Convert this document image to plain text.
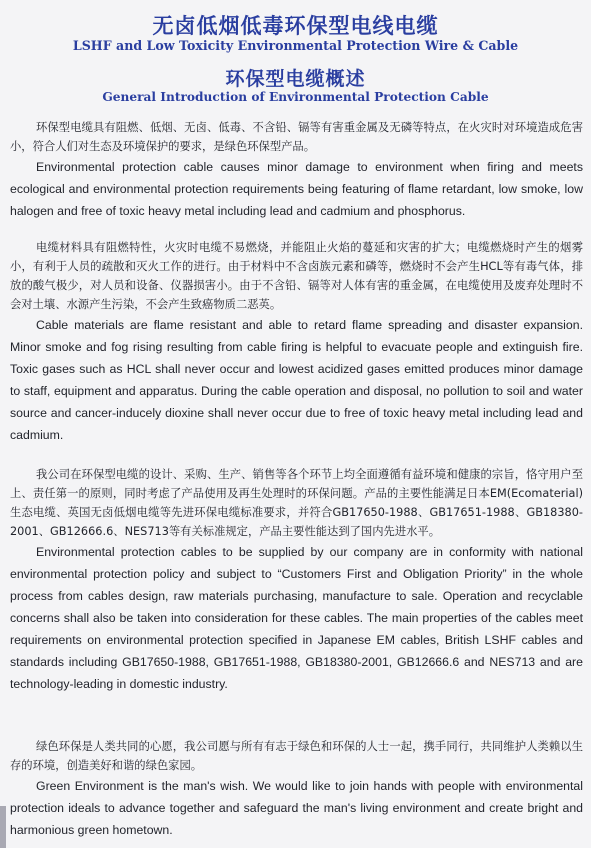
无卤低烟低毒环保型电线电缆
LSHF and Low Toxicity Environmental Protection Wire & Cable
环保型电缆概述
General Introduction of Environmental Protection Cable

环保型电缆具有阻燃、低烟、无卤、低毒、不含铅、镉等有害重金属及无磷等特点，在火灾时对环境造成危害小，符合人们对生态及环境保护的要求，是绿色环保型产品。

Environmental protection cable causes minor damage to environment when firing and meets ecological and environmental protection requirements being featuring of flame retardant, low smoke, low halogen and free of toxic heavy metal including lead and cadmium and phosphorus.

电缆材料具有阻燃特性，火灾时电缆不易燃烧，并能阻止火焰的蔓延和灾害的扩大；电缆燃烧时产生的烟雾小，有利于人员的疏散和灭火工作的进行。由于材料中不含卤族元素和磷等，燃烧时不会产生HCL等有毒气体，排放的酸气极少，对人员和设备、仪器损害小。由于不含铅、镉等对人体有害的重金属，在电缆使用及废弃处理时不会对土壤、水源产生污染，不会产生致癌物质二恶英。

Cable materials are flame resistant and able to retard flame spreading and disaster expansion. Minor smoke and fog rising resulting from cable firing is helpful to evacuate people and extinguish fire. Toxic gases such as HCL shall never occur and lowest acidized gases emitted produces minor damage to staff, equipment and apparatus. During the cable operation and disposal, no pollution to soil and water source and cancer-inducely dioxine shall never occur due to free of toxic heavy metal including lead and cadmium.

我公司在环保型电缆的设计、采购、生产、销售等各个环节上均全面遵循有益环境和健康的宗旨，恪守用户至上、责任第一的原则，同时考虑了产品使用及再生处理时的环保问题。产品的主要性能满足日本EM(Ecomaterial)生态电缆、英国无卤低烟电缆等先进环保电缆标准要求，并符合GB17650-1988、GB17651-1988、GB18380-2001、GB12666.6、NES713等有关标准规定，产品主要性能达到了国内先进水平。

Environmental protection cables to be supplied by our company are in conformity with national environmental protection policy and subject to “Customers First and Obligation Priority” in the whole process from cables design, raw materials purchasing, manufacture to sale. Operation and recyclable concerns shall also be taken into consideration for these cables. The main properties of the cables meet requirements on environmental protection specified in Japanese EM cables, British LSHF cables and standards including GB17650-1988, GB17651-1988, GB18380-2001, GB12666.6 and NES713 and are technology-leading in domestic industry.

绿色环保是人类共同的心愿，我公司愿与所有有志于绿色和环保的人士一起，携手同行，共同维护人类赖以生存的环境，创造美好和谐的绿色家园。

Green Environment is the man's wish. We would like to join hands with people with environmental protection ideals to advance together and safeguard the man's living environment and create bright and harmonious green hometown.
